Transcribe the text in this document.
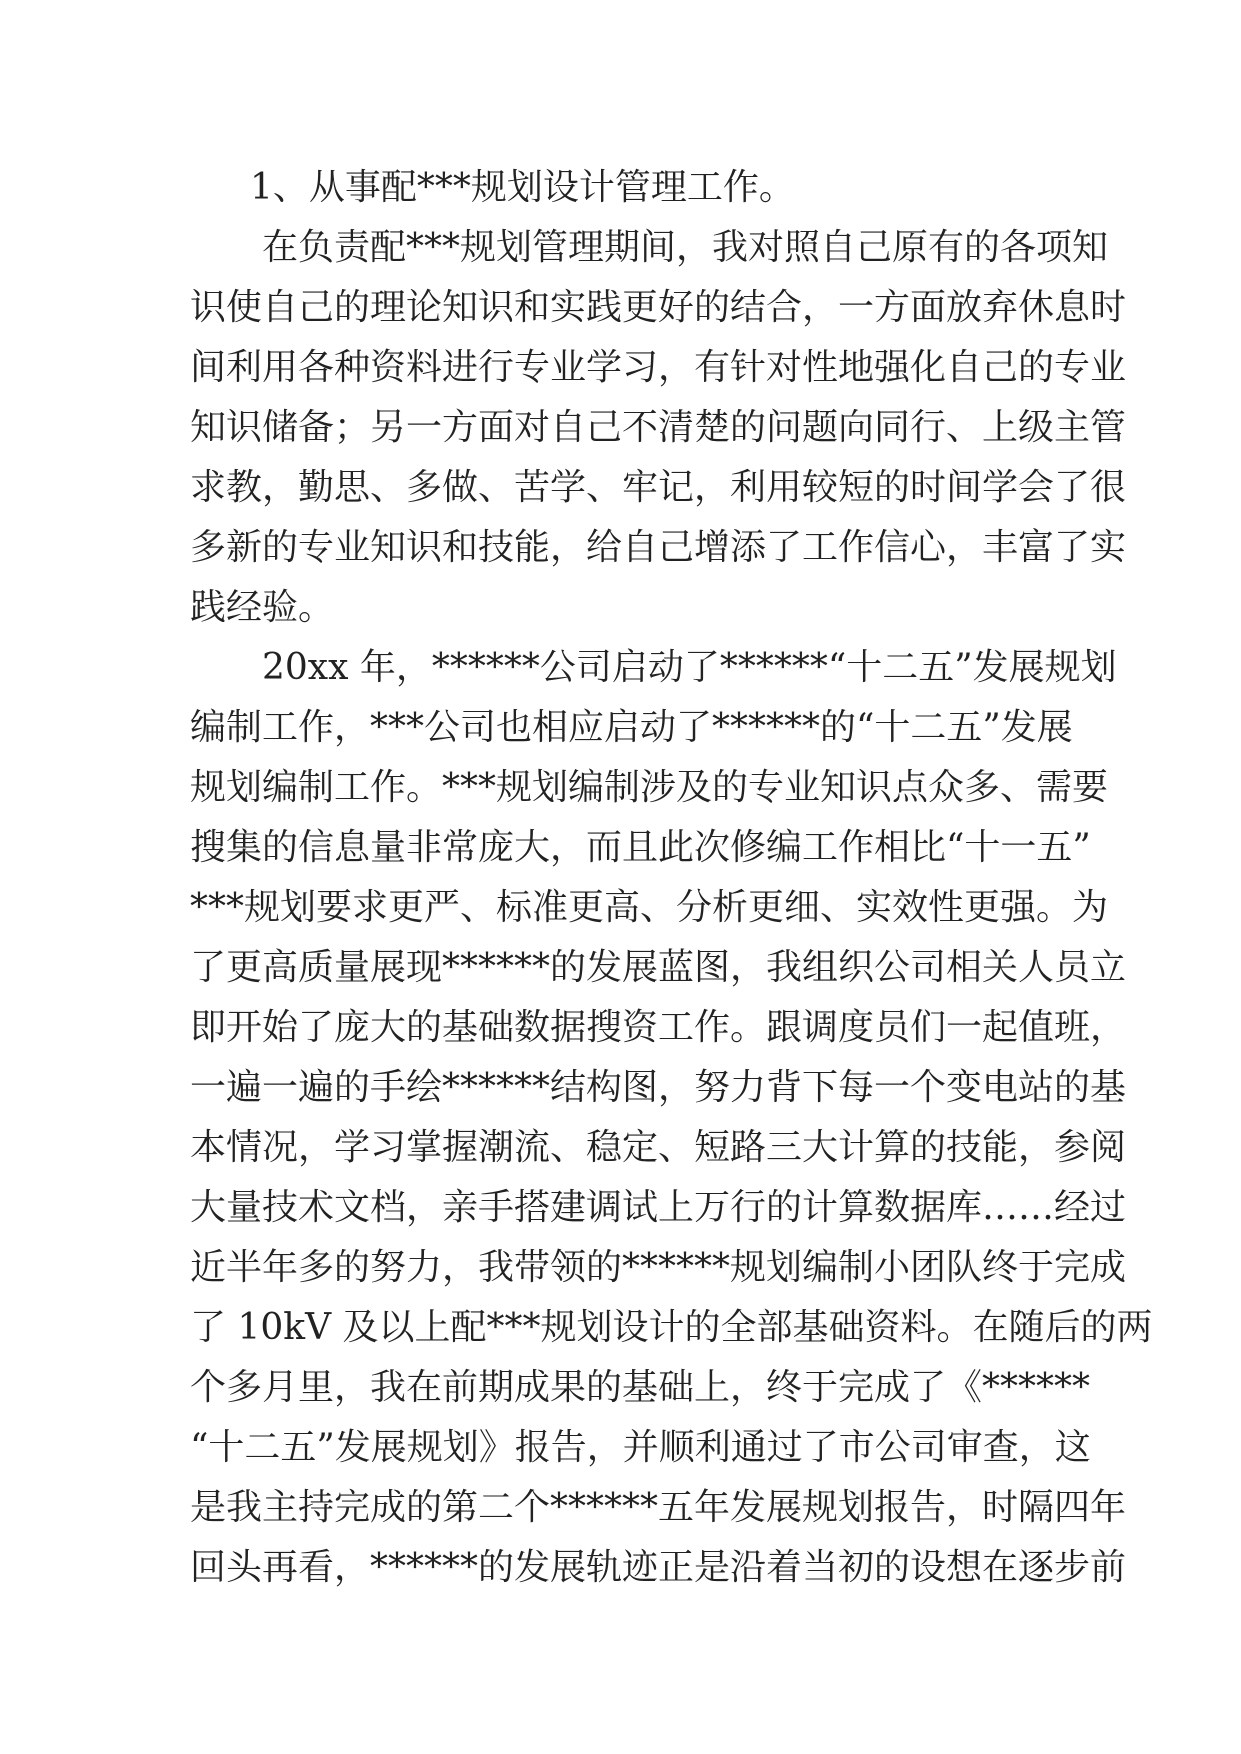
1、从事配***规划设计管理工作。
在负责配***规划管理期间，我对照自己原有的各项知
识使自己的理论知识和实践更好的结合，一方面放弃休息时
间利用各种资料进行专业学习，有针对性地强化自己的专业
知识储备；另一方面对自己不清楚的问题向同行、上级主管
求教，勤思、多做、苦学、牢记，利用较短的时间学会了很
多新的专业知识和技能，给自己增添了工作信心，丰富了实
践经验。
20xx 年，******公司启动了******“十二五”发展规划
编制工作，***公司也相应启动了******的“十二五”发展
规划编制工作。***规划编制涉及的专业知识点众多、需要
搜集的信息量非常庞大，而且此次修编工作相比“十一五”
***规划要求更严、标准更高、分析更细、实效性更强。为
了更高质量展现******的发展蓝图，我组织公司相关人员立
即开始了庞大的基础数据搜资工作。跟调度员们一起值班，
一遍一遍的手绘******结构图，努力背下每一个变电站的基
本情况，学习掌握潮流、稳定、短路三大计算的技能，参阅
大量技术文档，亲手搭建调试上万行的计算数据库……经过
近半年多的努力，我带领的******规划编制小团队终于完成
了 10kV 及以上配***规划设计的全部基础资料。在随后的两
个多月里，我在前期成果的基础上，终于完成了《******
“十二五”发展规划》报告，并顺利通过了市公司审查，这
是我主持完成的第二个******五年发展规划报告，时隔四年
回头再看，******的发展轨迹正是沿着当初的设想在逐步前
